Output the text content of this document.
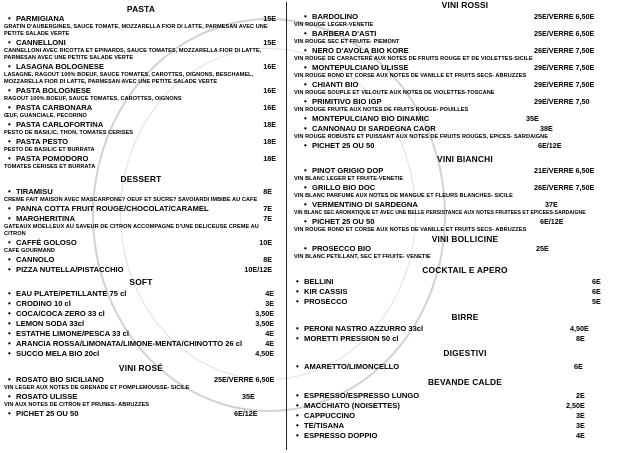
PASTA
• PARMIGIANA	15E
GRATIN D'AUBERGINES, SAUCE TOMATE, MOZZARELLA FIOR DI LATTE, PARMESAN AVEC UNE PETITE SALADE VERTE
• CANNELLONI	15E
CANNELLONI AVEC RICOTTA ET EPINARDS, SAUCE TOMATES, MOZZARELLA FIOR DI LATTE, PARMESAN AVEC UNE PETITE SALADE VERTE
• LASAGNA BOLOGNESE	16E
LASAGNE, RAGOUT 100% BOEUF, SAUCE TOMATES, CAROTTES, OIGNONS, BESCHAMEL, MOZZARELLA FIOR DI LATTE, PARMESAN AVEC UNE PETITE SALADE VERTE
• PASTA BOLOGNESE	16E
RAGOUT 100% BOEUF, SAUCE TOMATES, CAROTTES, OIGNONS
• PASTA CARBONARA	16E
ŒUF, GUANCIALE, PECORINO
• PASTA CARLOFORTINA	18E
PESTO DE BASILIC, THON, TOMATES CERISES
• PASTA PESTO	18E
PESTO DE BASILIC ET BURRATA
• PASTA POMODORO	18E
TOMATES CERISES ET BURRATA
DESSERT
• TIRAMISU	8E
CRÈME FAIT MAISON AVEC MASCARPONE? OEUF ET SUCRE? SAVOIARDI IMBIBÉ AU CAFÉ
• PANNA COTTA FRUIT ROUGE/CHOCOLAT/CARAMEL	7E
• MARGHERITINA	7E
GATEAUX MOELLEUX AU SAVEUR DE CITRON ACCOMPAGNÉ D'UNE DELICEUSE CRÈME AU CITRON
• CAFFÈ GOLOSO	10E
CAFÉ GOURMAND
• CANNOLO	8E
• PIZZA NUTELLA/PISTACCHIO	10E/12E
SOFT
• EAU PLATE/PETILLANTE 75 cl	4E
• CRODINO 10 cl	3E
• COCA/COCA ZERO 33 cl	3,50E
• LEMON SODA 33cl	3,50E
• ESTATHE LIMONE/PESCA 33 cl	4E
• ARANCIA ROSSA/LIMONATA/LIMONE-MENTA/CHINOTTO 26 cl	4E
• SUCCO MELA BIO 20cl	4,50E
VINI ROSÉ
• ROSATO BIO SICILIANO	25E/VERRE 6,50E
VIN LEGER AUX NOTES DE GRENADE ET POMPLEMOUSSE- SICILE
• ROSATO ULISSE	35E
VIN AUX NOTES DE CITRON ET PRUNES- ABRUZZES
• PICHET 25 OU 50	6E/12E
VINI ROSSI
• BARDOLINO	25E/VERRE 6,50E
VIN ROUGE LEGER-VENETIE
• BARBERA D'ASTI	25E/VERRE 6,50E
VIN ROUGE SEC ET FRUITÉ- PIEMONT
• NERO D'AVOLA BIO KORE	26E/VERRE 7,50E
VIN ROUGE DE CARACTERE AUX NOTES DE FRUITS ROUGE ET DE VIOLETTES-SICILE
• MONTEPULCIANO ULISSE	29E/VERRE 7,50E
VIN ROUGE ROND ET CORSÉ AUX NOTES DE VANILLE ET FRUITS SECS- ABRUZZES
• CHIANTI BIO	29E/VERRE 7,50E
VIN ROUGE SOUPLE ET VELOUTÉ AUX NOTES DE VIOLETTES-TOSCANE
• PRIMITIVO BIO IGP	29E/VERRE 7,50
VIN ROUGE FRUITÉ AUX NOTES DE FRUITS ROUGE- POUILLES
• MONTEPULCIANO BIO DINAMIC	35E
• CANNONAU DI SARDEGNA CAOR	38E
VIN ROUGE ROBUSTE ET PUISSANT AUX NOTES DE FRUITS ROUGES, ÉPICES- SARDAIGNE
• PICHET 25 OU 50	6E/12E
VINI BIANCHI
• PINOT GRIGIO DOP	21E/VERRE 6,50E
VIN BLANC LEGER ET FRUITÉ-VENETIE
• GRILLO BIO DOC	26E/VERRE 7,50E
VIN BLANC PARFUMÉ AUX NOTES DE MANGUE ET FLEURS BLANCHES- SICILE
• VERMENTINO DI SARDEGNA	37E
VIN BLANC SEC AROMATIQUE ET AVEC UNE BELLE PERSISTANCE AUX NOTES FRUITÉES ET ÉPICÉES-SARDAIGNE
• PICHET 25 OU 50	6E/12E
VIN ROUGE ROND ET CORSÉ AUX NOTES DE VANILLE ET FRUITS SECS- ABRUZZES
VINI BOLLICINE
• PROSECCO BIO	25E
VIN BLANC PETILLANT, SEC ET FRUITÉ- VENETIE
COCKTAIL E APERO
• BELLINI	6E
• KIR CASSIS	6E
• PROSECCO	5E
BIRRE
• PERONI NASTRO AZZURRO 33cl	4,50E
• MORETTI PRESSION 50 cl	8E
DIGESTIVI
• AMARETTO/LIMONCELLO	6E
BEVANDE CALDE
• ESPRESSO/ESPRESSO LUNGO	2E
• MACCHIATO (NOISETTES)	2,50E
• CAPPUCCINO	3E
• TE/TISANA	3E
• ESPRESSO DOPPIO	4E
